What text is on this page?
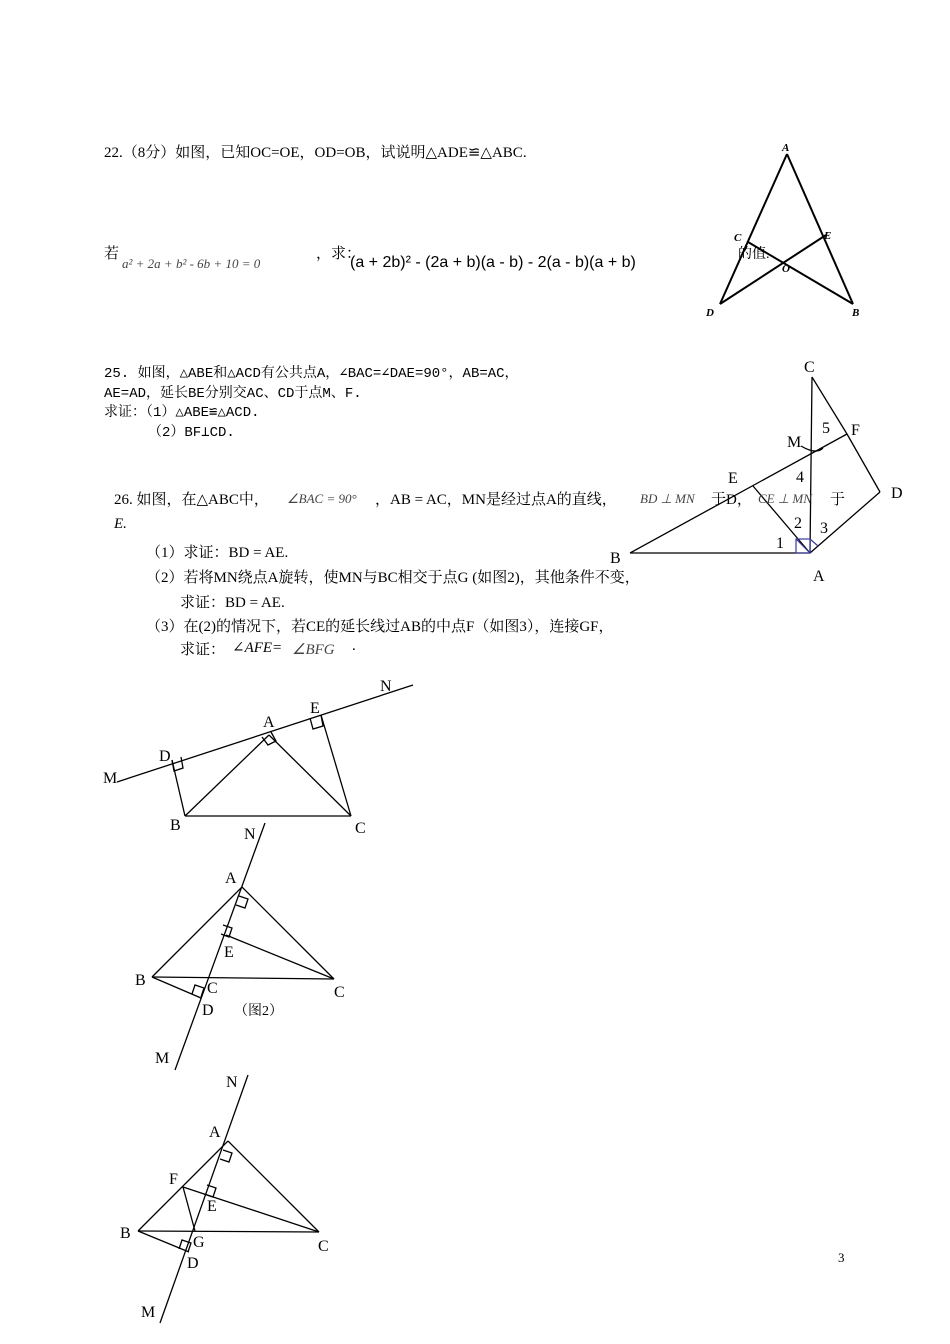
22.（8分）如图，已知OC=OE，OD=OB，试说明△ADE≌△ABC.	A
C	E
O
D	B
若
a² + 2a + b² - 6b + 10 = 0
，求：
(a + 2b)² - (2a + b)(a - b) - 2(a - b)(a + b)	的值.
25. 如图，△ABE和△ACD有公共点A，∠BAC=∠DAE=90°，AB=AC，
AE=AD，延长BE分别交AC、CD于点M、F.
求证：（1）△ABE≌△ACD.
（2）BF⊥CD.
C
F
M
5
4
E
D
2 3
1
B
A
26. 如图，在△ABC中， ∠BAC = 90° ，AB = AC，MN是经过点A的直线， BD ⊥ MN 于D， CE ⊥ MN 于
E.
（1）求证：BD = AE.
（2）若将MN绕点A旋转，使MN与BC相交于点G (如图2)，其他条件不变，
求证：BD = AE.
（3）在(2)的情况下，若CE的延长线过AB的中点F（如图3），连接GF，
求证： ∠AFE= ∠BFG .
N
A
E
D
M
B	C
N
A
E
B	C	C
D （图2）
M
N
A
F
E
B
G	C
D
M
3
